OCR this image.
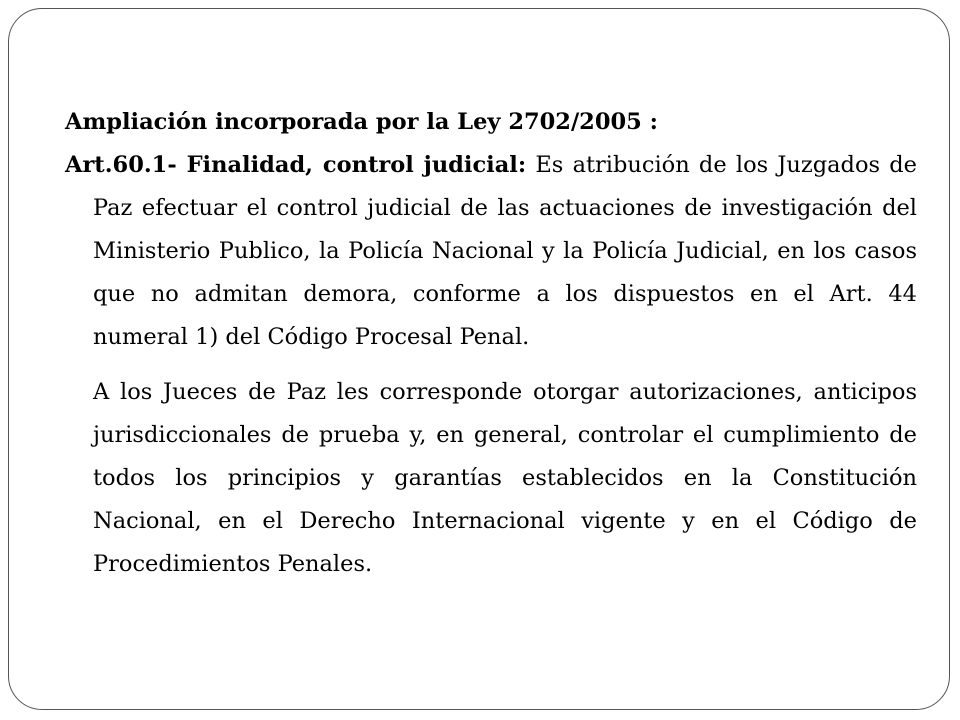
Ampliación incorporada por la Ley 2702/2005 :

Art.60.1- Finalidad, control judicial: Es atribución de los Juzgados de Paz efectuar el control judicial de las actuaciones de investigación del Ministerio Publico, la Policía Nacional y la Policía Judicial, en los casos que no admitan demora, conforme a los dispuestos en el Art. 44 numeral 1) del Código Procesal Penal.

A los Jueces de Paz les corresponde otorgar autorizaciones, anticipos jurisdiccionales de prueba y, en general, controlar el cumplimiento de todos los principios y garantías establecidos en la Constitución Nacional, en el Derecho Internacional vigente y en el Código de Procedimientos Penales.
